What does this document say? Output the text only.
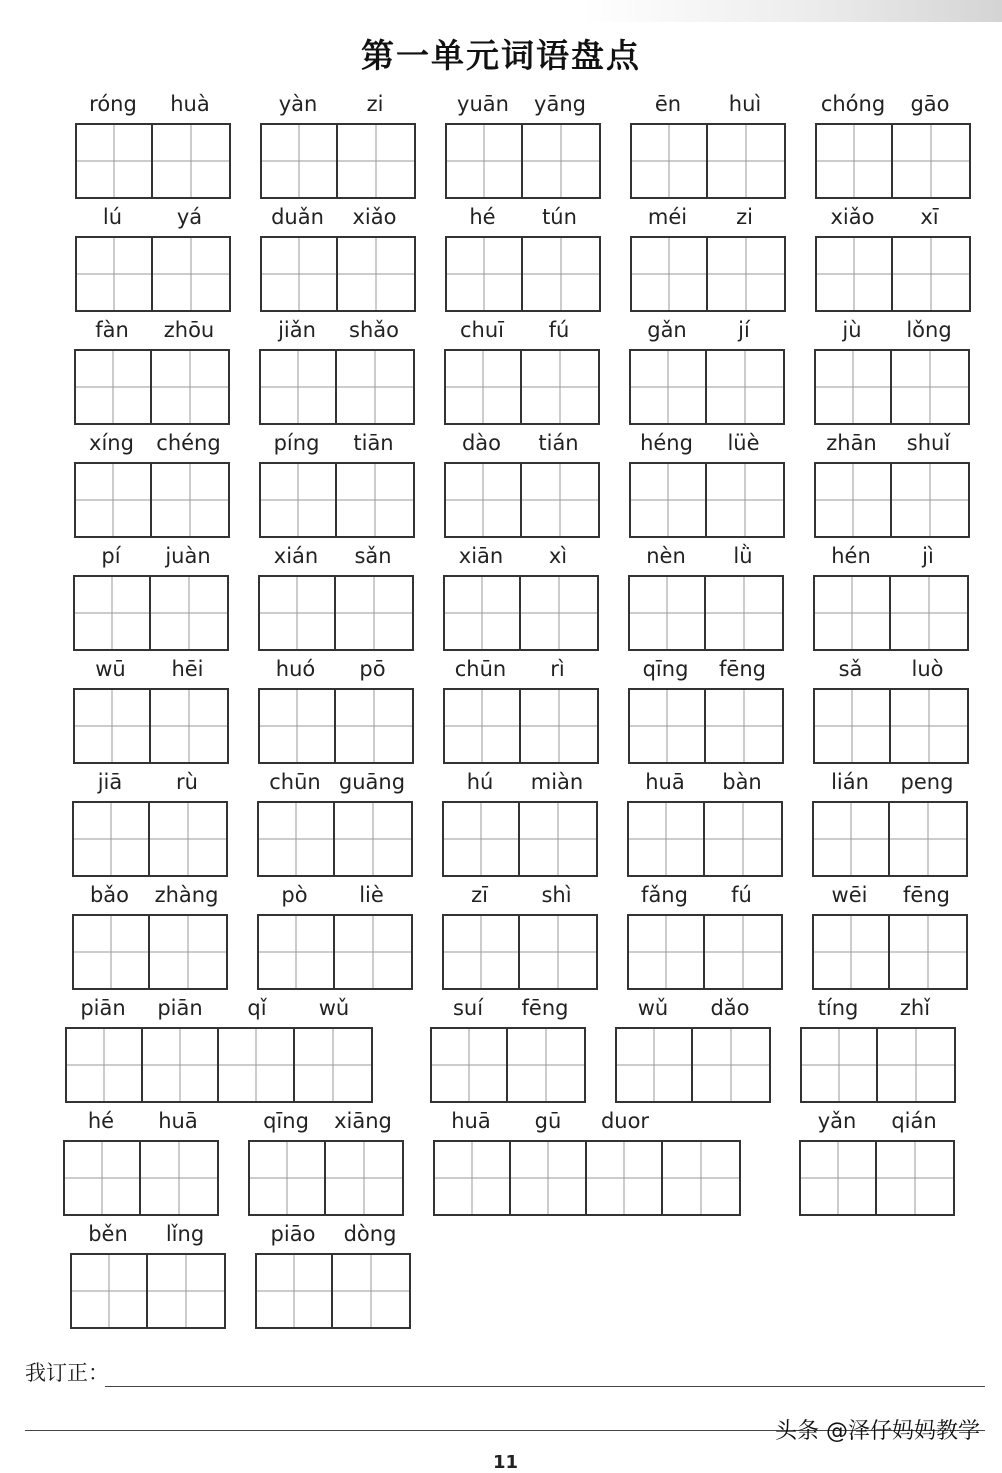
第一单元词语盘点
róng	huà	yàn	zi	yuān	yāng	ēn	huì	chóng	gāo
lú	yá	duǎn	xiǎo	hé	tún	méi	zi	xiǎo	xī
fàn	zhōu	jiǎn	shǎo	chuī	fú	gǎn	jí	jù	lǒng
xíng	chéng	píng	tiān	dào	tián	héng	lüè	zhān	shuǐ
pí	juàn	xián	sǎn	xiān	xì	nèn	lǜ	hén	jì
wū	hēi	huó	pō	chūn	rì	qīng	fēng	sǎ	luò
jiā	rù	chūn guāng	hú	miàn	huā	bàn	lián	peng
bǎo	zhàng	pò	liè	zī	shì	fǎng	fú	wēi	fēng
piān	piān	qǐ	wǔ	suí	fēng	wǔ	dǎo	tíng	zhǐ
hé	huā	qīng	xiāng	huā	gū	duor	yǎn	qián
běn	lǐng	piāo	dòng
我订正：
头条 @泽仔妈妈教学
11
